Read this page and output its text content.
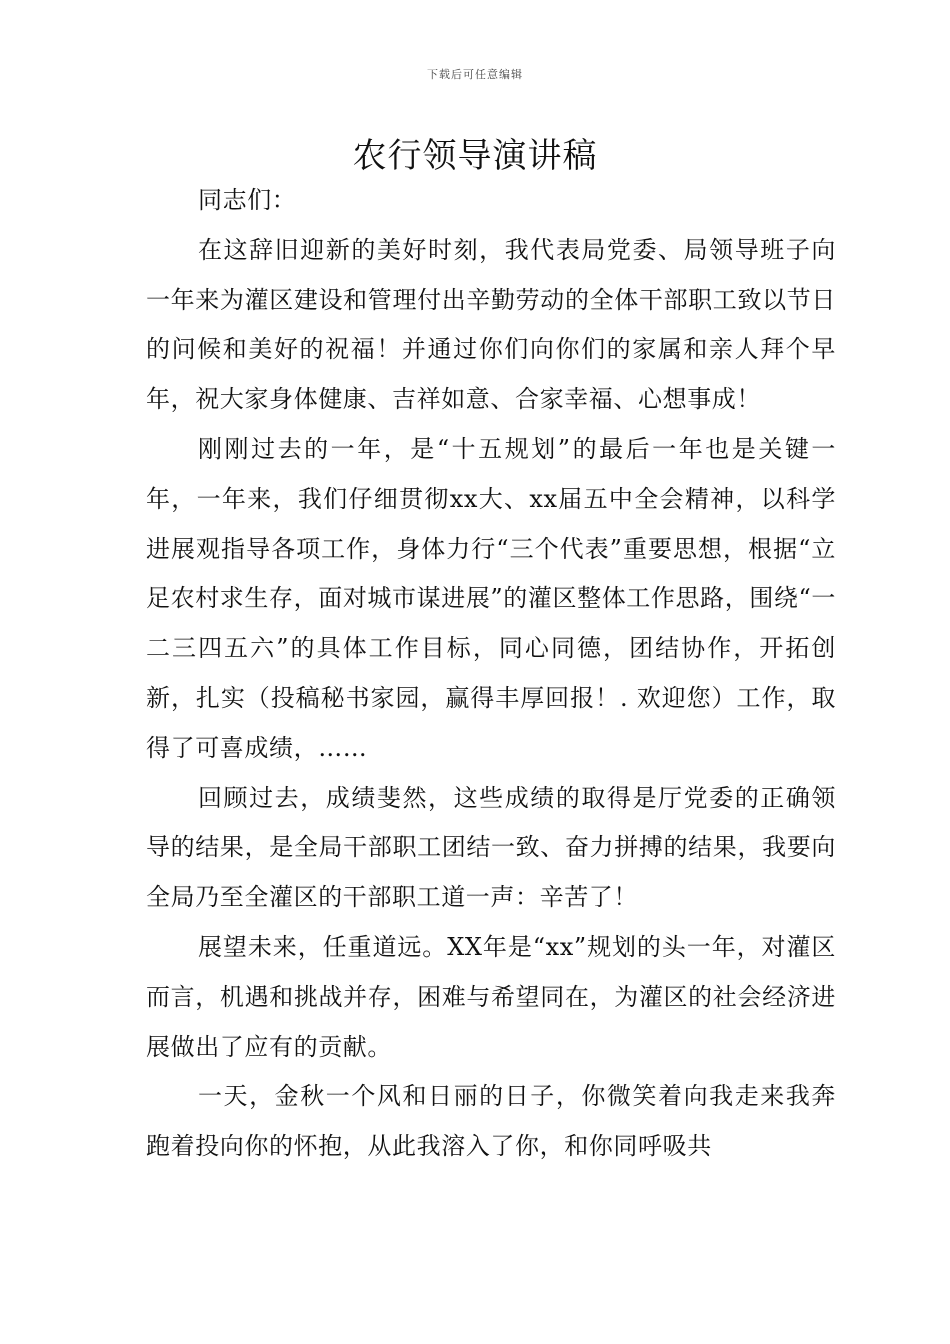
下载后可任意编辑
农行领导演讲稿

同志们：

在这辞旧迎新的美好时刻，我代表局党委、局领导班子向一年来为灌区建设和管理付出辛勤劳动的全体干部职工致以节日的问候和美好的祝福！并通过你们向你们的家属和亲人拜个早年，祝大家身体健康、吉祥如意、合家幸福、心想事成！

刚刚过去的一年，是“十五规划”的最后一年也是关键一年，一年来，我们仔细贯彻xx大、xx届五中全会精神，以科学进展观指导各项工作，身体力行“三个代表”重要思想，根据“立足农村求生存，面对城市谋进展”的灌区整体工作思路，围绕“一二三四五六”的具体工作目标，同心同德，团结协作，开拓创新，扎实（投稿秘书家园，赢得丰厚回报！. 欢迎您）工作，取得了可喜成绩，……

回顾过去，成绩斐然，这些成绩的取得是厅党委的正确领导的结果，是全局干部职工团结一致、奋力拼搏的结果，我要向全局乃至全灌区的干部职工道一声：辛苦了！

展望未来，任重道远。XX年是“xx”规划的头一年，对灌区而言，机遇和挑战并存，困难与希望同在，为灌区的社会经济进展做出了应有的贡献。

一天，金秋一个风和日丽的日子，你微笑着向我走来我奔跑着投向你的怀抱，从此我溶入了你，和你同呼吸共
